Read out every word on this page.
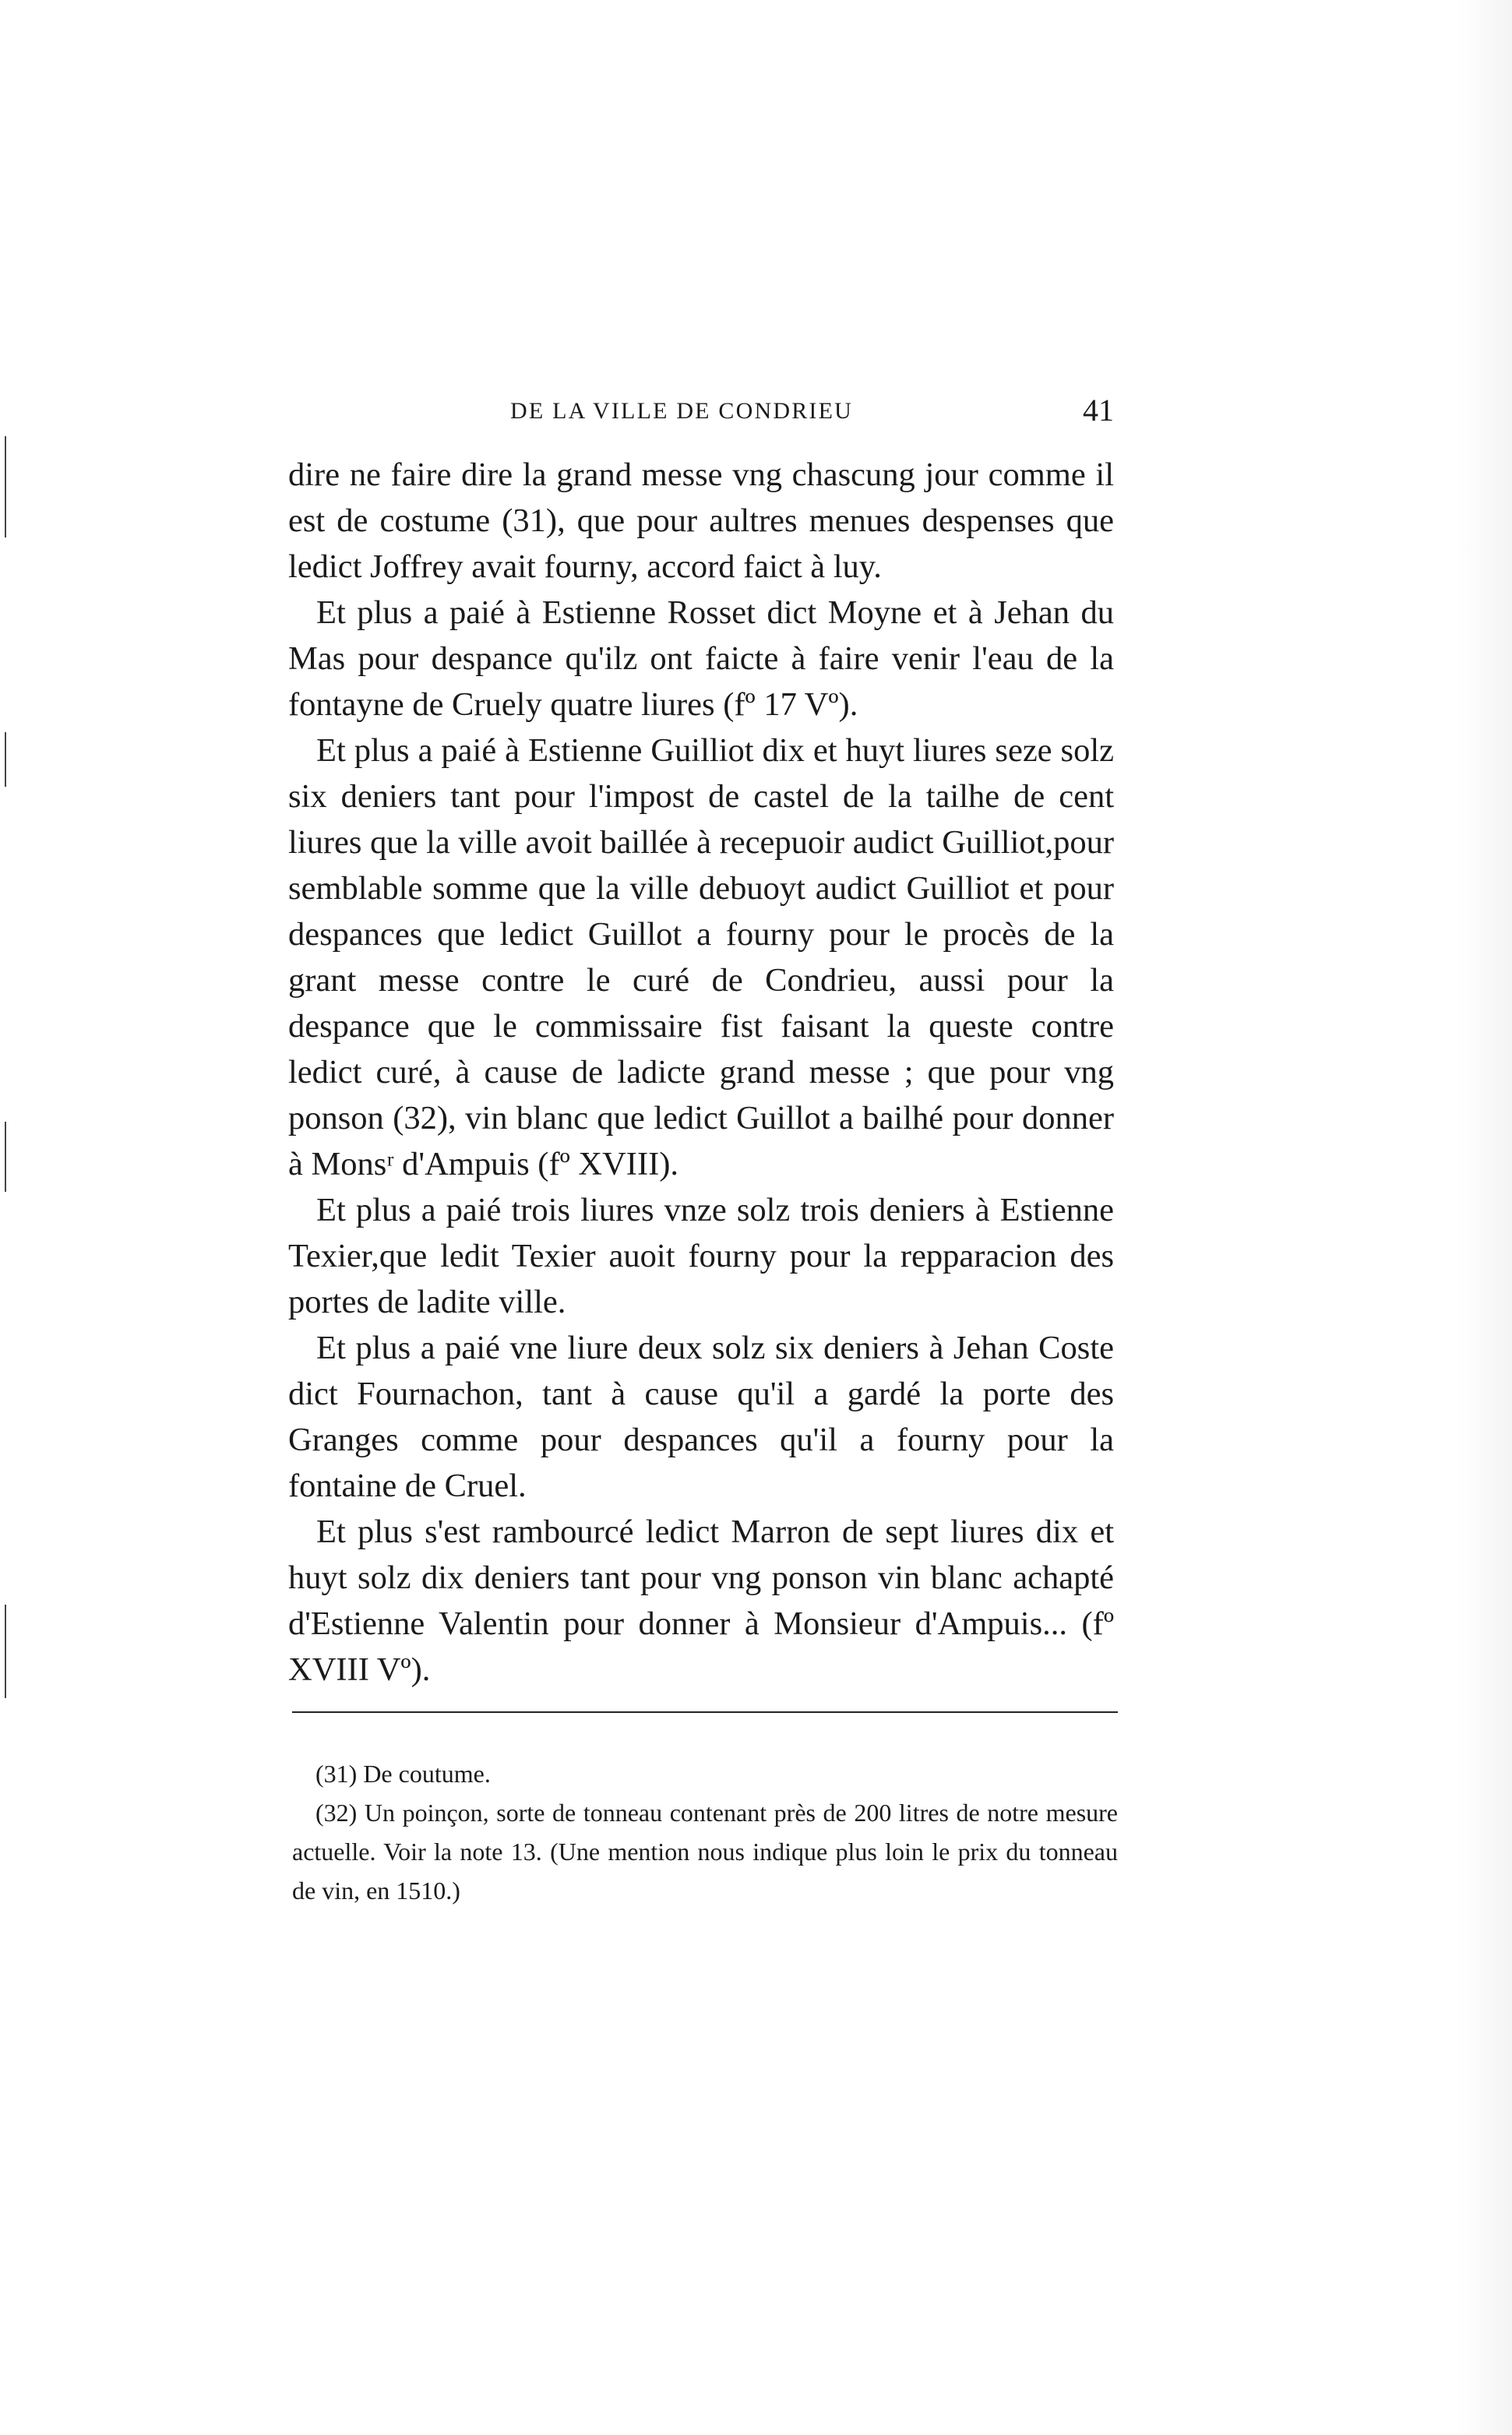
DE LA VILLE DE CONDRIEU	41

dire ne faire dire la grand messe vng chascung jour comme il est de costume (31), que pour aultres menues despenses que ledict Joffrey avait fourny, accord faict à luy.

Et plus a paié à Estienne Rosset dict Moyne et à Jehan du Mas pour despance qu'ilz ont faicte à faire venir l'eau de la fontayne de Cruely quatre liures (fº 17 Vº).

Et plus a paié à Estienne Guilliot dix et huyt liures seze solz six deniers tant pour l'impost de castel de la tailhe de cent liures que la ville avoit baillée à recepuoir audict Guilliot,pour semblable somme que la ville debuoyt audict Guilliot et pour despances que ledict Guillot a fourny pour le procès de la grant messe contre le curé de Condrieu, aussi pour la despance que le commissaire fist faisant la queste contre ledict curé, à cause de ladicte grand messe ; que pour vng ponson (32), vin blanc que ledict Guillot a bailhé pour donner à Monsʳ d'Ampuis (fº XVIII).

Et plus a paié trois liures vnze solz trois deniers à Estienne Texier,que ledit Texier auoit fourny pour la repparacion des portes de ladite ville.

Et plus a paié vne liure deux solz six deniers à Jehan Coste dict Fournachon, tant à cause qu'il a gardé la porte des Granges comme pour despances qu'il a fourny pour la fontaine de Cruel.

Et plus s'est rambourcé ledict Marron de sept liures dix et huyt solz dix deniers tant pour vng ponson vin blanc achapté d'Estienne Valentin pour donner à Monsieur d'Ampuis... (fº XVIII Vº).

(31) De coutume.

(32) Un poinçon, sorte de tonneau contenant près de 200 litres de notre mesure actuelle. Voir la note 13. (Une mention nous indique plus loin le prix du tonneau de vin, en 1510.)
